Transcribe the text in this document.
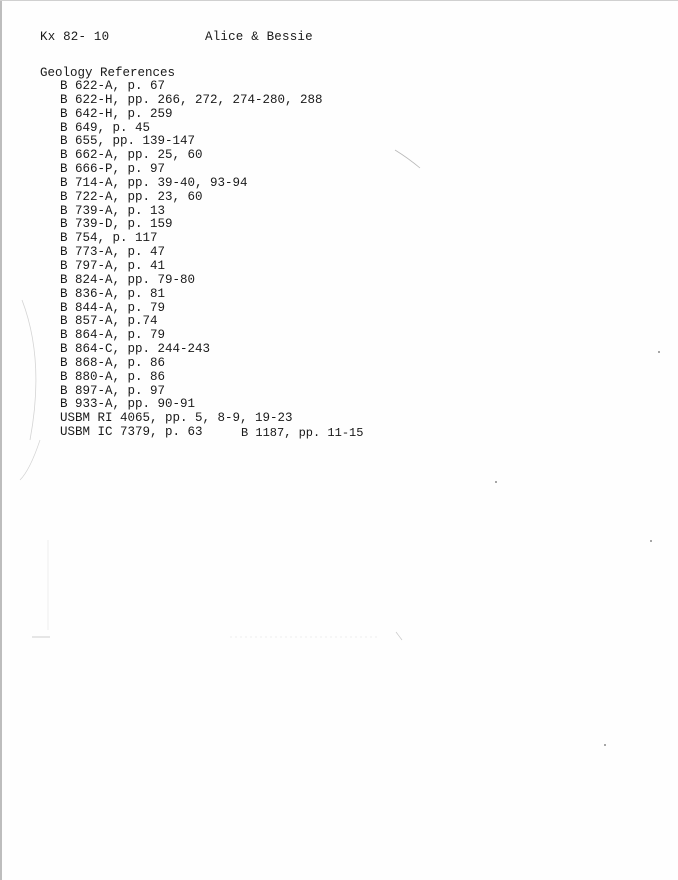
Kx 82- 10	Alice & Bessie
Geology References
B 622-A, p. 67
B 622-H, pp. 266, 272, 274-280, 288
B 642-H, p. 259
B 649, p. 45
B 655, pp. 139-147
B 662-A, pp. 25, 60
B 666-P, p. 97
B 714-A, pp. 39-40, 93-94
B 722-A, pp. 23, 60
B 739-A, p. 13
B 739-D, p. 159
B 754, p. 117
B 773-A, p. 47
B 797-A, p. 41
B 824-A, pp. 79-80
B 836-A, p. 81
B 844-A, p. 79
B 857-A, p.74
B 864-A, p. 79
B 864-C, pp. 244-243
B 868-A, p. 86
B 880-A, p. 86
B 897-A, p. 97
B 933-A, pp. 90-91
USBM RI 4065, pp. 5, 8-9, 19-23
USBM IC 7379, p. 63	B 1187, pp. 11-15
